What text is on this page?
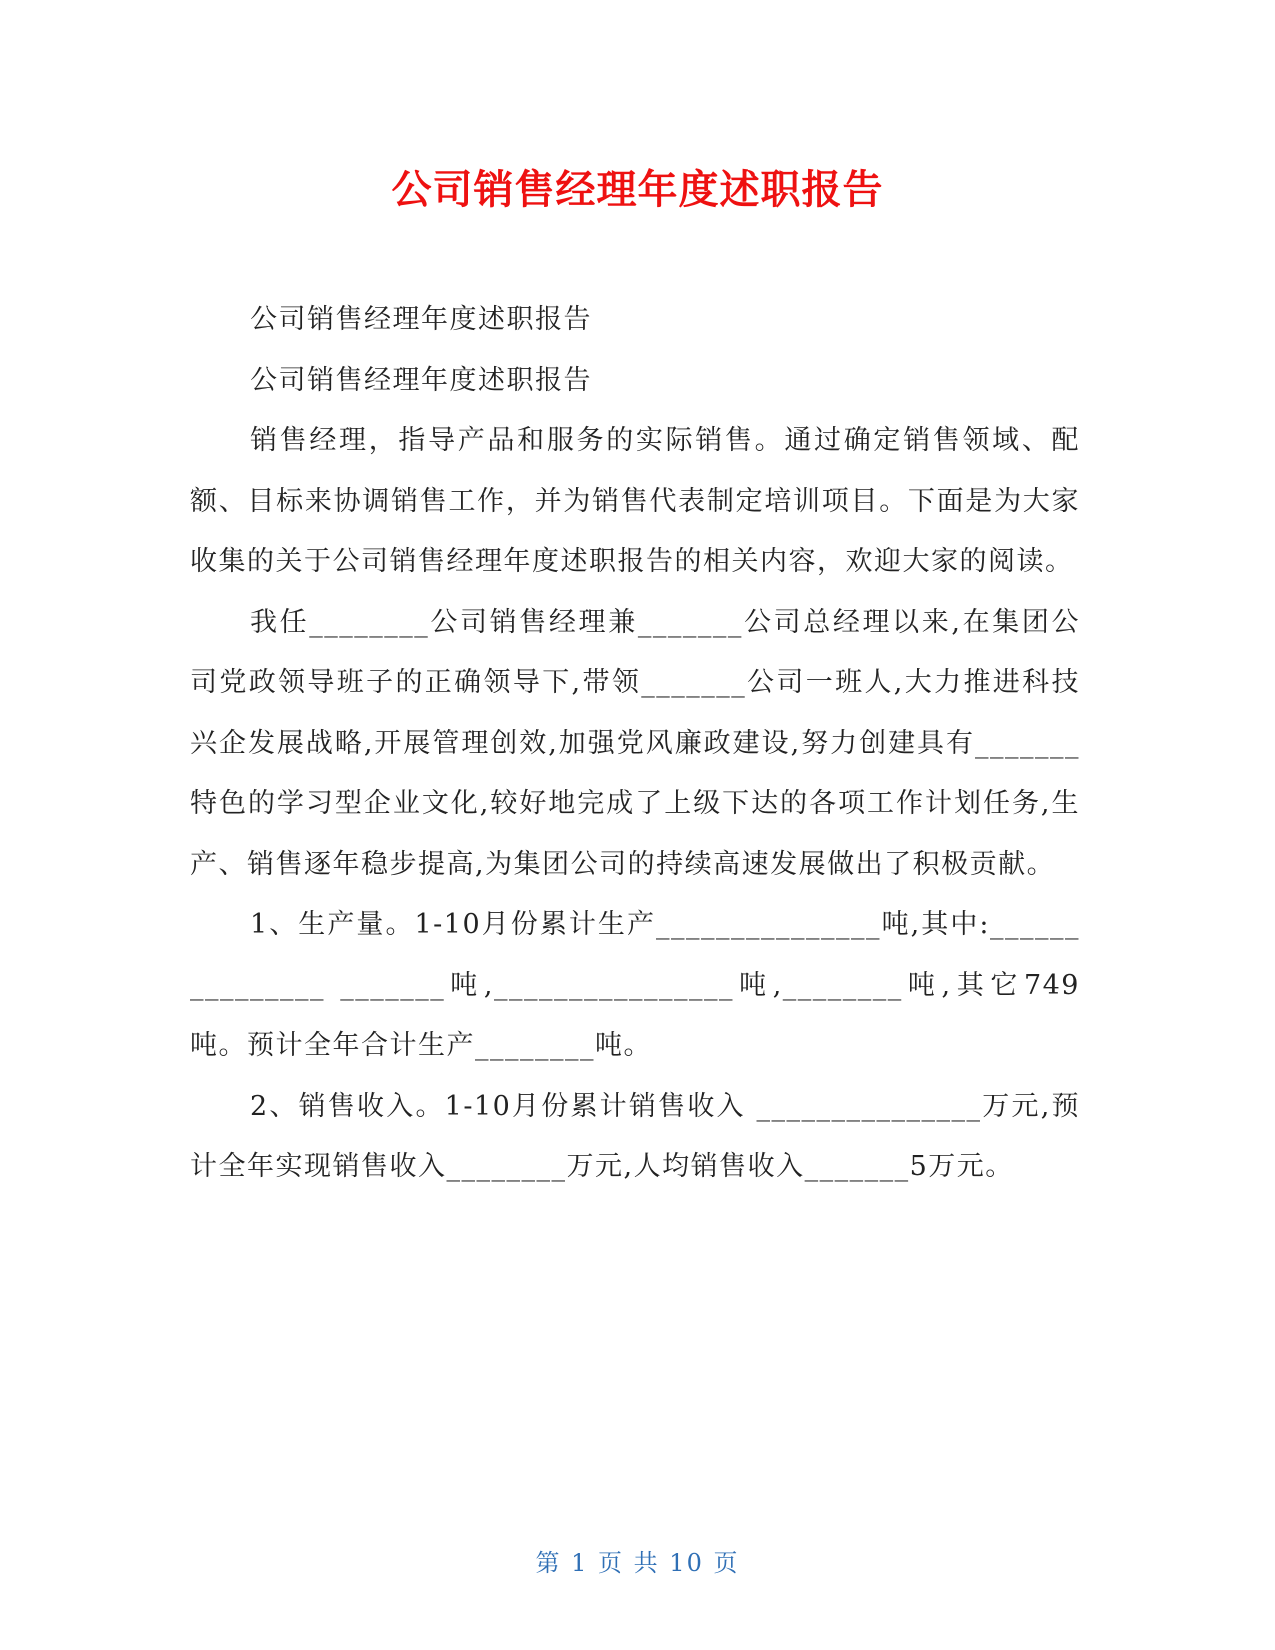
公司销售经理年度述职报告

公司销售经理年度述职报告

公司销售经理年度述职报告

销售经理，指导产品和服务的实际销售。通过确定销售领域、配额、目标来协调销售工作，并为销售代表制定培训项目。下面是为大家收集的关于公司销售经理年度述职报告的相关内容，欢迎大家的阅读。

我任________公司销售经理兼_______公司总经理以来,在集团公司党政领导班子的正确领导下,带领_______公司一班人,大力推进科技兴企发展战略,开展管理创效,加强党风廉政建设,努力创建具有_______特色的学习型企业文化,较好地完成了上级下达的各项工作计划任务,生产、销售逐年稳步提高,为集团公司的持续高速发展做出了积极贡献。

1、生产量。1-10月份累计生产_______________吨,其中:_______________ _______吨,________________吨,________吨,其它749吨。预计全年合计生产________吨。

2、销售收入。1-10月份累计销售收入 _______________万元,预计全年实现销售收入________万元,人均销售收入_______5万元。

第 1 页 共 10 页
